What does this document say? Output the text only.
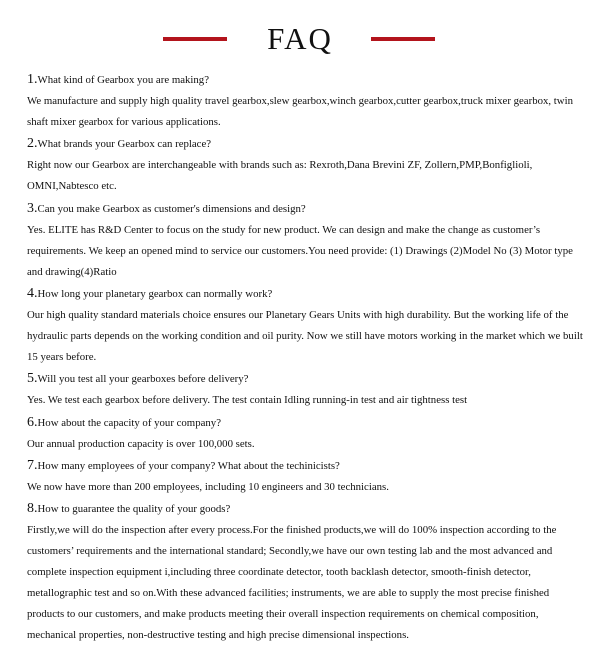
FAQ
1.What kind of Gearbox you are making?
We manufacture and supply high quality travel gearbox,slew gearbox,winch gearbox,cutter gearbox,truck mixer gearbox, twin shaft mixer gearbox for various applications.
2.What brands your Gearbox can replace?
Right now our Gearbox are interchangeable with brands such as: Rexroth,Dana Brevini ZF, Zollern,PMP,Bonfiglioli, OMNI,Nabtesco etc.
3.Can you make Gearbox as customer's dimensions and design?
Yes. ELITE has R&D Center to focus on the study for new product. We can design and make the change as customer’s requirements. We keep an opened mind to service our customers.You need provide: (1) Drawings (2)Model No (3) Motor type and drawing(4)Ratio
4.How long your planetary gearbox can normally work?
Our high quality standard materials choice ensures our Planetary Gears Units with high durability. But the working life of the hydraulic parts depends on the working condition and oil purity. Now we still have motors working in the market which we built 15 years before.
5.Will you test all your gearboxes before delivery?
Yes. We test each gearbox before delivery. The test contain Idling running-in test and air tightness test
6.How about the capacity of your company?
Our annual production capacity is over 100,000 sets.
7.How many employees of your company? What about the techinicists?
We now have more than 200 employees, including 10 engineers and 30 technicians.
8.How to guarantee the quality of your goods?
Firstly,we will do the inspection after every process.For the finished products,we will do 100% inspection according to the customers’ requirements and the international standard; Secondly,we have our own testing lab and the most advanced and complete inspection equipment i,including three coordinate detector, tooth backlash detector, smooth-finish detector, metallographic test and so on.With these advanced facilities; instruments, we are able to supply the most precise finished products to our customers, and make products meeting their overall inspection requirements on chemical composition, mechanical properties, non-destructive testing and high precise dimensional inspections.
